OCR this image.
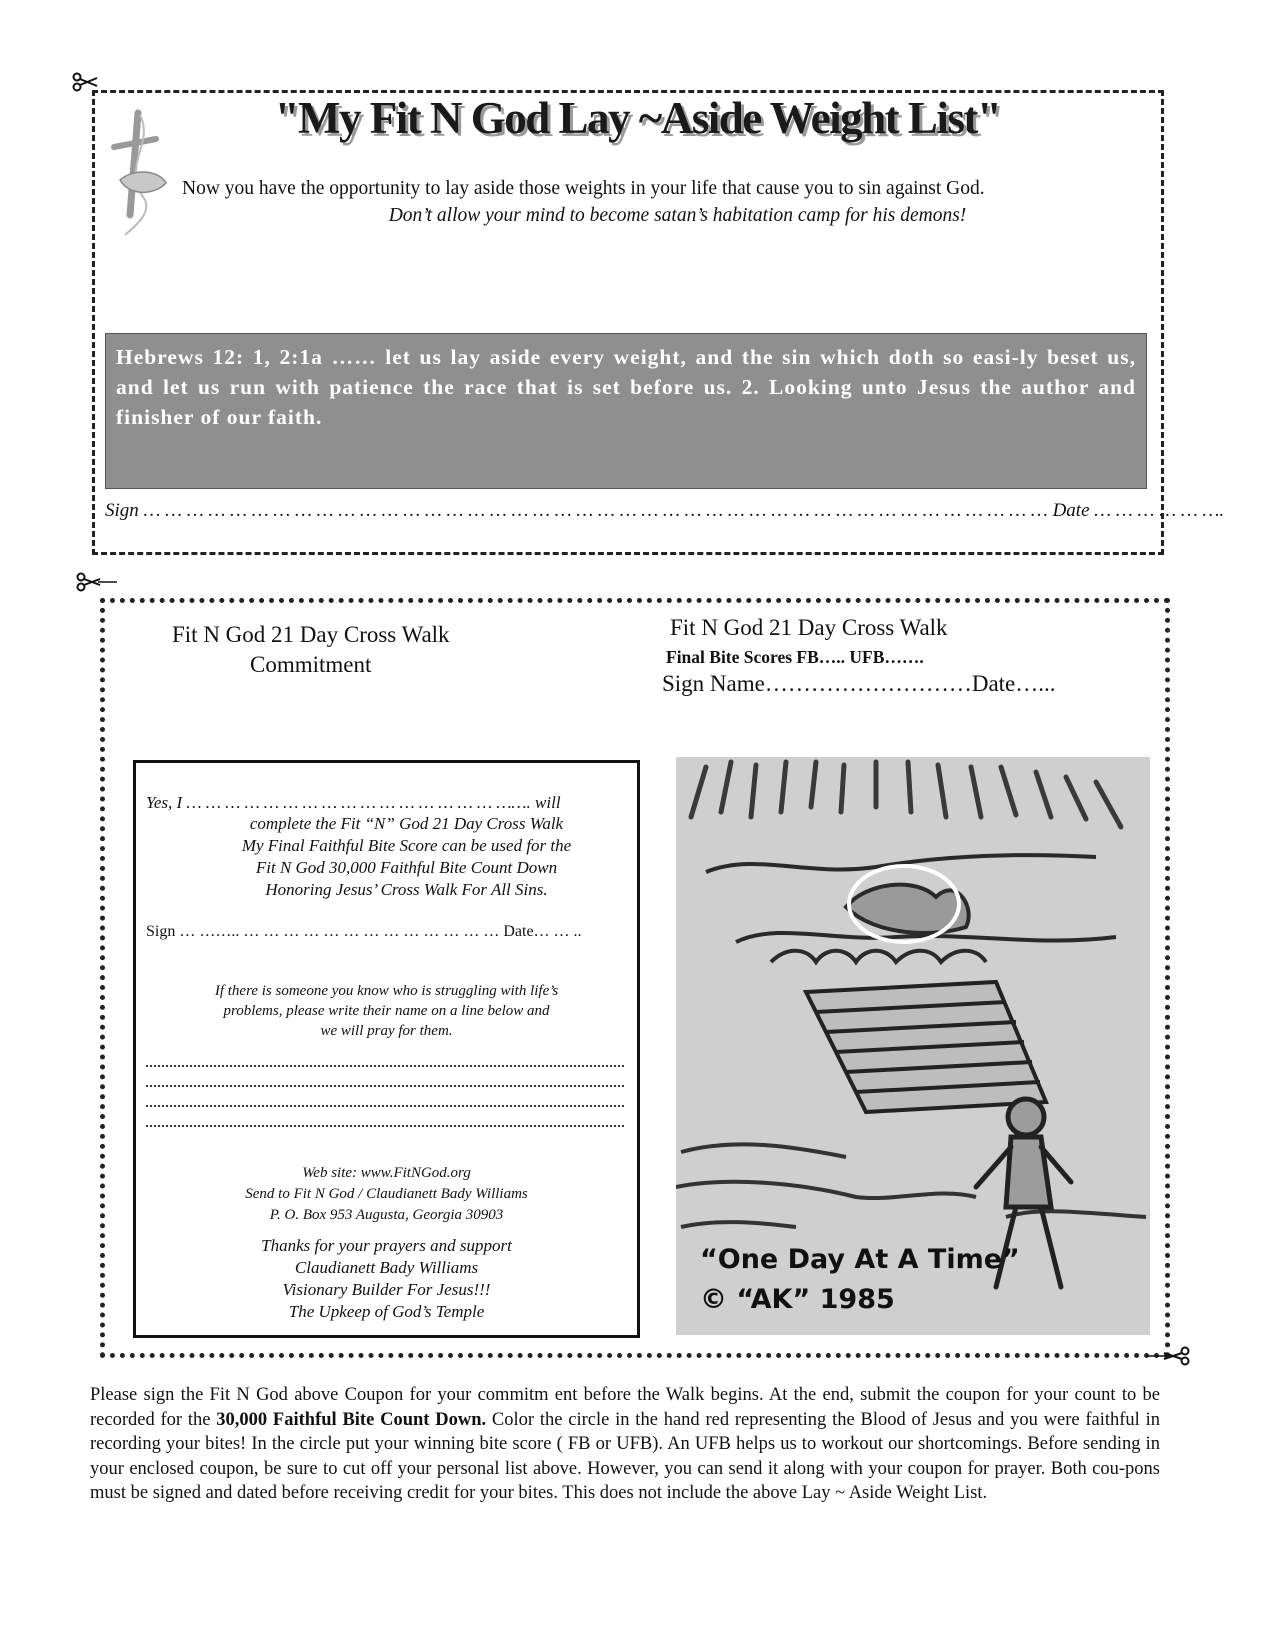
"My Fit N God Lay ~Aside Weight List"
Now you have the opportunity to lay aside those weights in your life that cause you to sin against God.
Don’t allow your mind to become satan’s habitation camp for his demons!
Hebrews 12: 1, 2:1a …… let us lay aside every weight, and the sin which doth so easi-ly beset us, and let us run with patience the race that is set before us. 2. Looking unto Jesus the author and finisher of our faith.
Sign … … … … … … … … … … … … … … … … … … … … … … … … … … … … … … … … … … … … … … … … … … Date … … … … … ….
Fit N God 21 Day Cross Walk
Commitment
Fit N God 21 Day Cross Walk
Final Bite Scores FB….. UFB…….
Sign Name………………………Date…...
Yes, I … … … … … … … … … … … … … … … … ……. will
complete the Fit “N” God 21 Day Cross Walk
My Final Faithful Bite Score can be used for the
Fit N God 30,000 Faithful Bite Count Down
Honoring Jesus’ Cross Walk For All Sins.
Sign … …….. … … … … … … … … … … … … … Date… … ..
If there is someone you know who is struggling with life’s
problems, please write their name on a line below and
we will pray for them.
Web site: www.FitNGod.org
Send to Fit N God / Claudianett Bady Williams
P. O. Box 953 Augusta, Georgia 30903
Thanks for your prayers and support
Claudianett Bady Williams
Visionary Builder For Jesus!!!
The Upkeep of God’s Temple
“One Day At A Time”
© “AK” 1985
Please sign the Fit N God above Coupon for your commitm ent before the Walk begins. At the end, submit the coupon for your count to be recorded for the 30,000 Faithful Bite Count Down. Color the circle in the hand red representing the Blood of Jesus and you were faithful in recording your bites! In the circle put your winning bite score ( FB or UFB). An UFB helps us to workout our shortcomings. Before sending in your enclosed coupon, be sure to cut off your personal list above. However, you can send it along with your coupon for prayer. Both cou-pons must be signed and dated before receiving credit for your bites. This does not include the above Lay ~ Aside Weight List.
